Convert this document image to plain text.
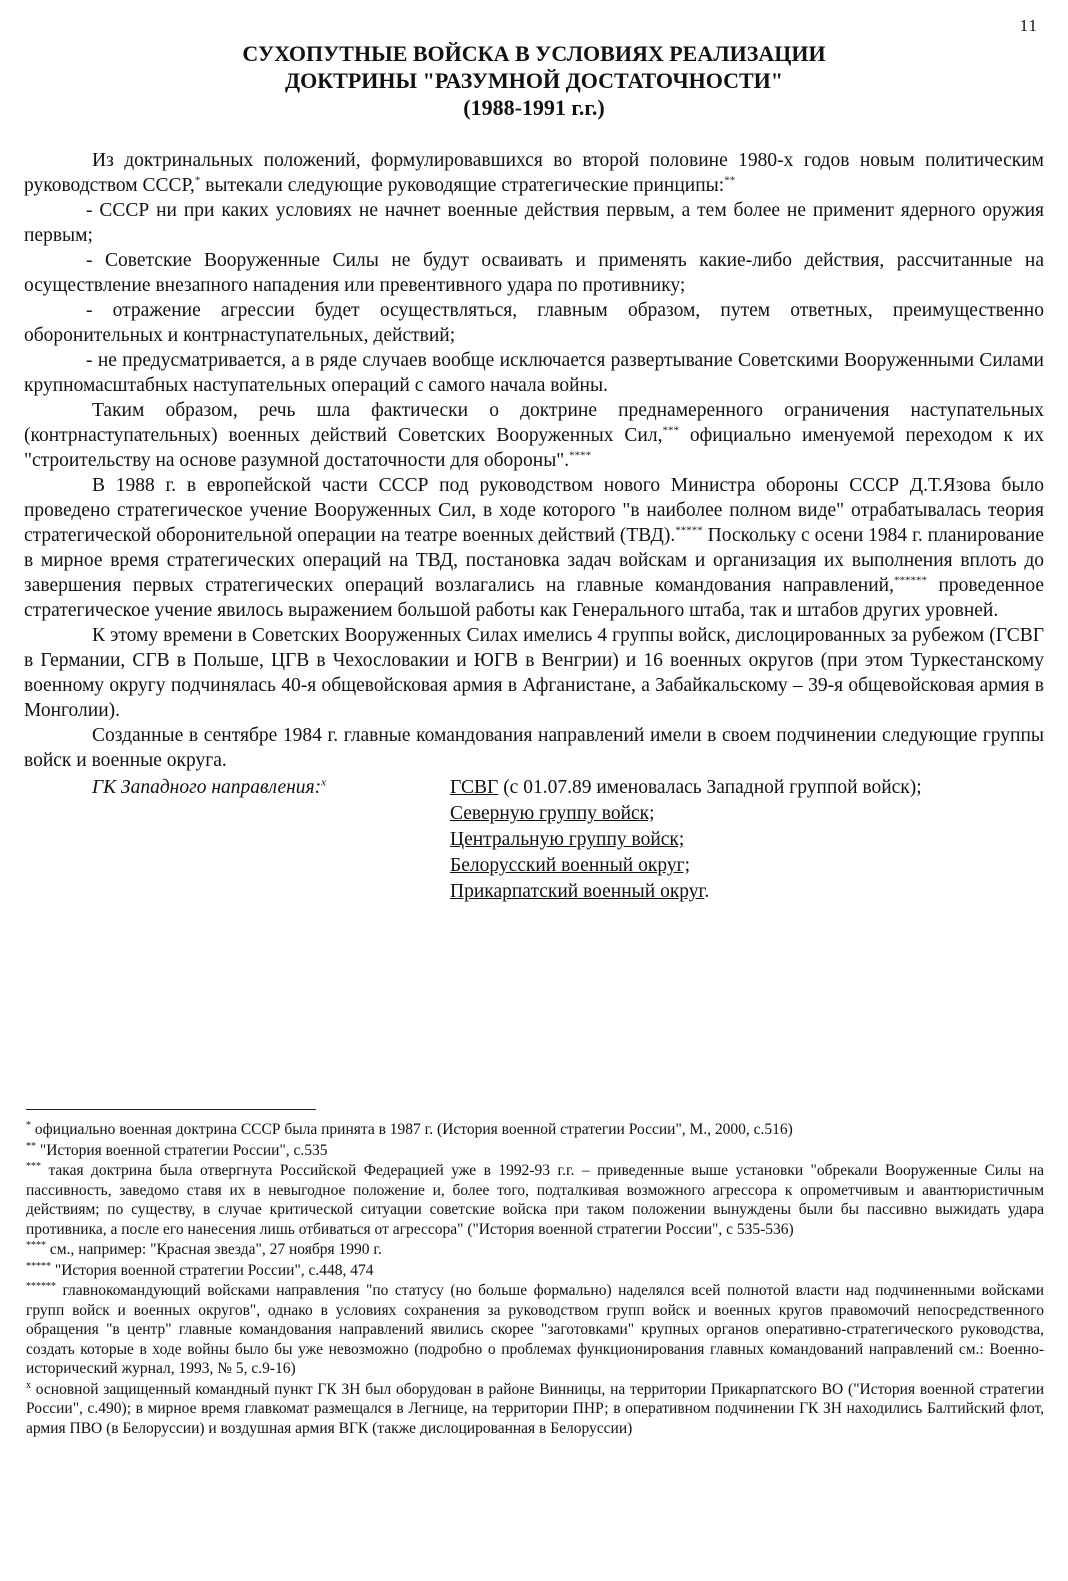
11
СУХОПУТНЫЕ ВОЙСКА В УСЛОВИЯХ РЕАЛИЗАЦИИ
ДОКТРИНЫ "РАЗУМНОЙ ДОСТАТОЧНОСТИ"
(1988-1991 г.г.)

Из доктринальных положений, формулировавшихся во второй половине 1980-х годов новым политическим руководством СССР,* вытекали следующие руководящие стратегические принципы:**

- СССР ни при каких условиях не начнет военные действия первым, а тем более не применит ядерного оружия первым;

- Советские Вооруженные Силы не будут осваивать и применять какие-либо действия, рассчитанные на осуществление внезапного нападения или превентивного удара по противнику;

- отражение агрессии будет осуществляться, главным образом, путем ответных, преимущественно оборонительных и контрнаступательных, действий;

- не предусматривается, а в ряде случаев вообще исключается развертывание Советскими Вооруженными Силами крупномасштабных наступательных операций с самого начала войны.

Таким образом, речь шла фактически о доктрине преднамеренного ограничения наступательных (контрнаступательных) военных действий Советских Вооруженных Сил,*** официально именуемой переходом к их "строительству на основе разумной достаточности для обороны".****

В 1988 г. в европейской части СССР под руководством нового Министра обороны СССР Д.Т.Язова было проведено стратегическое учение Вооруженных Сил, в ходе которого "в наиболее полном виде" отрабатывалась теория стратегической оборонительной операции на театре военных действий (ТВД).***** Поскольку с осени 1984 г. планирование в мирное время стратегических операций на ТВД, постановка задач войскам и организация их выполнения вплоть до завершения первых стратегических операций возлагались на главные командования направлений,****** проведенное стратегическое учение явилось выражением большой работы как Генерального штаба, так и штабов других уровней.

К этому времени в Советских Вооруженных Силах имелись 4 группы войск, дислоцированных за рубежом (ГСВГ в Германии, СГВ в Польше, ЦГВ в Чехословакии и ЮГВ в Венгрии) и 16 военных округов (при этом Туркестанскому военному округу подчинялась 40-я общевойсковая армия в Афганистане, а Забайкальскому – 39-я общевойсковая армия в Монголии).

Созданные в сентябре 1984 г. главные командования направлений имели в своем подчинении следующие группы войск и военные округа.

ГК Западного направления:$^x$	ГСВГ (с 01.07.89 именовалась Западной группой войск);
Северную группу войск;
Центральную группу войск;
Белорусский военный округ;
Прикарпатский военный округ.

* официально военная доктрина СССР была принята в 1987 г. (История военной стратегии России", М., 2000, с.516)

** "История военной стратегии России", с.535

*** такая доктрина была отвергнута Российской Федерацией уже в 1992-93 г.г. – приведенные выше установки "обрекали Вооруженные Силы на пассивность, заведомо ставя их в невыгодное положение и, более того, подталкивая возможного агрессора к опрометчивым и авантюристичным действиям; по существу, в случае критической ситуации советские войска при таком положении вынуждены были бы пассивно выжидать удара противника, а после его нанесения лишь отбиваться от агрессора" ("История военной стратегии России", с 535-536)

**** см., например: "Красная звезда", 27 ноября 1990 г.

***** "История военной стратегии России", с.448, 474

****** главнокомандующий войсками направления "по статусу (но больше формально) наделялся всей полнотой власти над подчиненными войсками групп войск и военных округов", однако в условиях сохранения за руководством групп войск и военных кругов правомочий непосредственного обращения "в центр" главные командования направлений явились скорее "заготовками" крупных органов оперативно-стратегического руководства, создать которые в ходе войны было бы уже невозможно (подробно о проблемах функционирования главных командований направлений см.: Военно-исторический журнал, 1993, № 5, с.9-16)

$^x$ основной защищенный командный пункт ГК ЗН был оборудован в районе Винницы, на территории Прикарпатского ВО ("История военной стратегии России", с.490); в мирное время главкомат размещался в Легнице, на территории ПНР; в оперативном подчинении ГК ЗН находились Балтийский флот, армия ПВО (в Белоруссии) и воздушная армия ВГК (также дислоцированная в Белоруссии)
